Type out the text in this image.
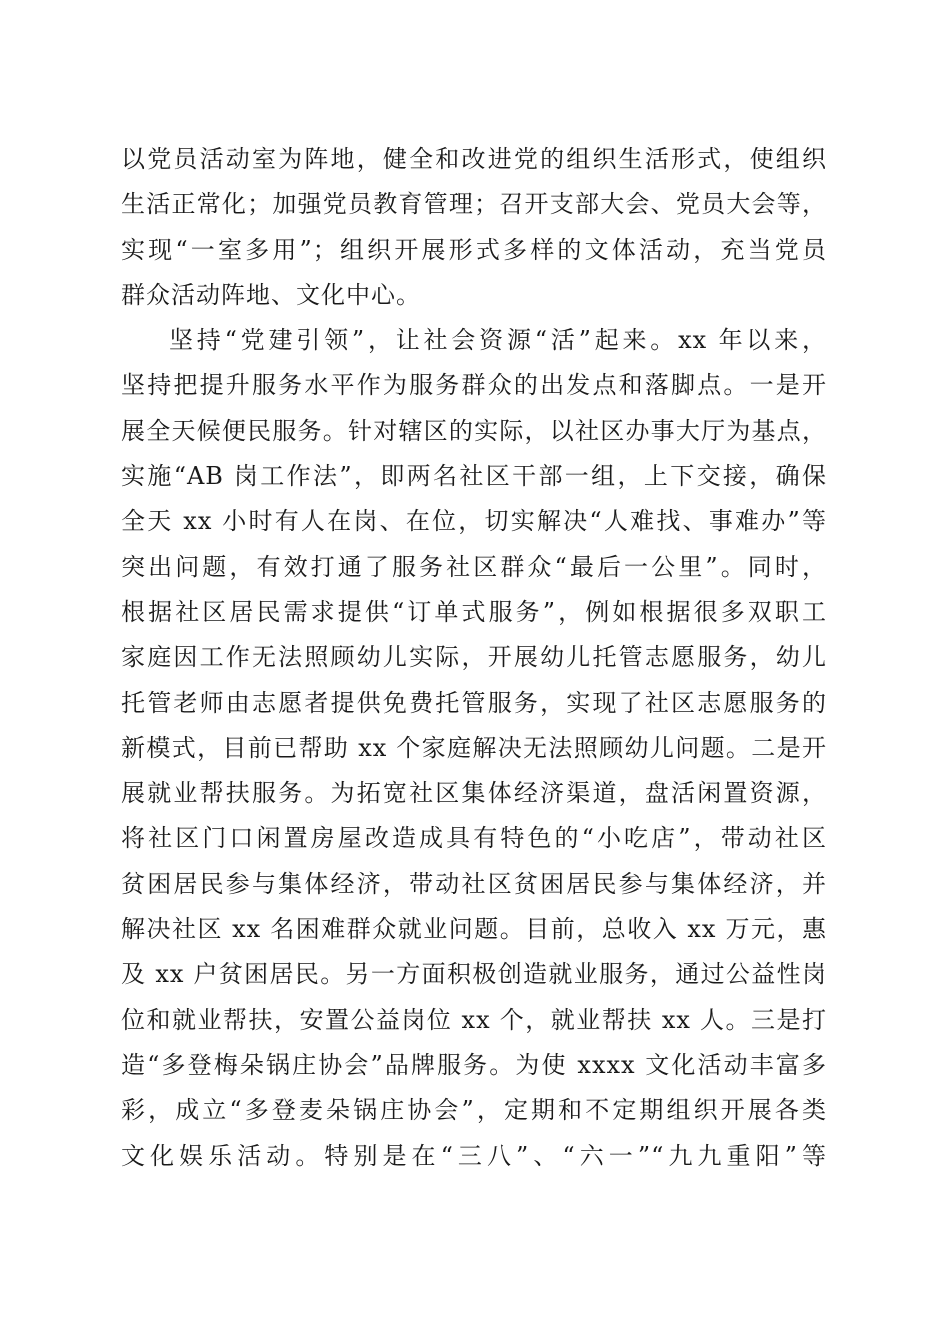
以党员活动室为阵地，健全和改进党的组织生活形式，使组织
生活正常化；加强党员教育管理；召开支部大会、党员大会等，
实现“一室多用”；组织开展形式多样的文体活动，充当党员
群众活动阵地、文化中心。
坚持“党建引领”，让社会资源“活”起来。xx 年以来，
坚持把提升服务水平作为服务群众的出发点和落脚点。一是开
展全天候便民服务。针对辖区的实际，以社区办事大厅为基点，
实施“AB 岗工作法”，即两名社区干部一组，上下交接，确保
全天 xx 小时有人在岗、在位，切实解决“人难找、事难办”等
突出问题，有效打通了服务社区群众“最后一公里”。同时，
根据社区居民需求提供“订单式服务”，例如根据很多双职工
家庭因工作无法照顾幼儿实际，开展幼儿托管志愿服务，幼儿
托管老师由志愿者提供免费托管服务，实现了社区志愿服务的
新模式，目前已帮助 xx 个家庭解决无法照顾幼儿问题。二是开
展就业帮扶服务。为拓宽社区集体经济渠道，盘活闲置资源，
将社区门口闲置房屋改造成具有特色的“小吃店”，带动社区
贫困居民参与集体经济，带动社区贫困居民参与集体经济，并
解决社区 xx 名困难群众就业问题。目前，总收入 xx 万元，惠
及 xx 户贫困居民。另一方面积极创造就业服务，通过公益性岗
位和就业帮扶，安置公益岗位 xx 个，就业帮扶 xx 人。三是打
造“多登梅朵锅庄协会”品牌服务。为使 xxxx 文化活动丰富多
彩，成立“多登麦朵锅庄协会”，定期和不定期组织开展各类
文化娱乐活动。特别是在“三八”、“六一”“九九重阳”等
